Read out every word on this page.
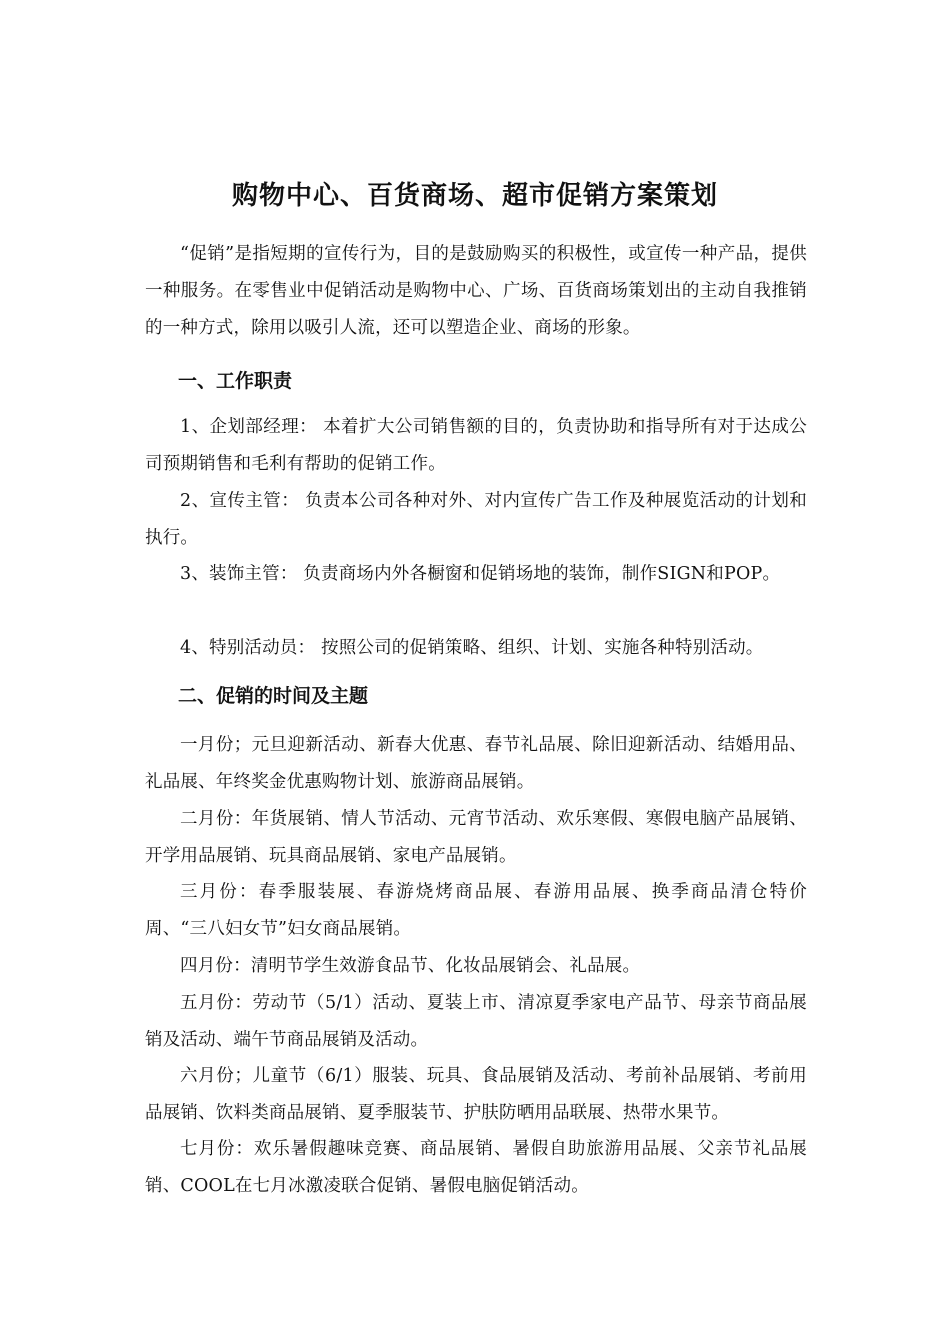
购物中心、百货商场、超市促销方案策划

“促销”是指短期的宣传行为，目的是鼓励购买的积极性，或宣传一种产品，提供一种服务。在零售业中促销活动是购物中心、广场、百货商场策划出的主动自我推销的一种方式，除用以吸引人流，还可以塑造企业、商场的形象。

一、工作职责

1、企划部经理： 本着扩大公司销售额的目的，负责协助和指导所有对于达成公司预期销售和毛利有帮助的促销工作。

2、宣传主管： 负责本公司各种对外、对内宣传广告工作及种展览活动的计划和执行。

3、装饰主管： 负责商场内外各橱窗和促销场地的装饰，制作SIGN和POP。

4、特别活动员： 按照公司的促销策略、组织、计划、实施各种特别活动。

二、促销的时间及主题

一月份；元旦迎新活动、新春大优惠、春节礼品展、除旧迎新活动、结婚用品、礼品展、年终奖金优惠购物计划、旅游商品展销。

二月份：年货展销、情人节活动、元宵节活动、欢乐寒假、寒假电脑产品展销、开学用品展销、玩具商品展销、家电产品展销。

三月份：春季服装展、春游烧烤商品展、春游用品展、换季商品清仓特价周、“三八妇女节”妇女商品展销。

四月份：清明节学生效游食品节、化妆品展销会、礼品展。

五月份：劳动节（5/1）活动、夏装上市、清凉夏季家电产品节、母亲节商品展销及活动、端午节商品展销及活动。

六月份；儿童节（6/1）服装、玩具、食品展销及活动、考前补品展销、考前用品展销、饮料类商品展销、夏季服装节、护肤防晒用品联展、热带水果节。

七月份：欢乐暑假趣味竞赛、商品展销、暑假自助旅游用品展、父亲节礼品展销、COOL在七月冰激凌联合促销、暑假电脑促销活动。
